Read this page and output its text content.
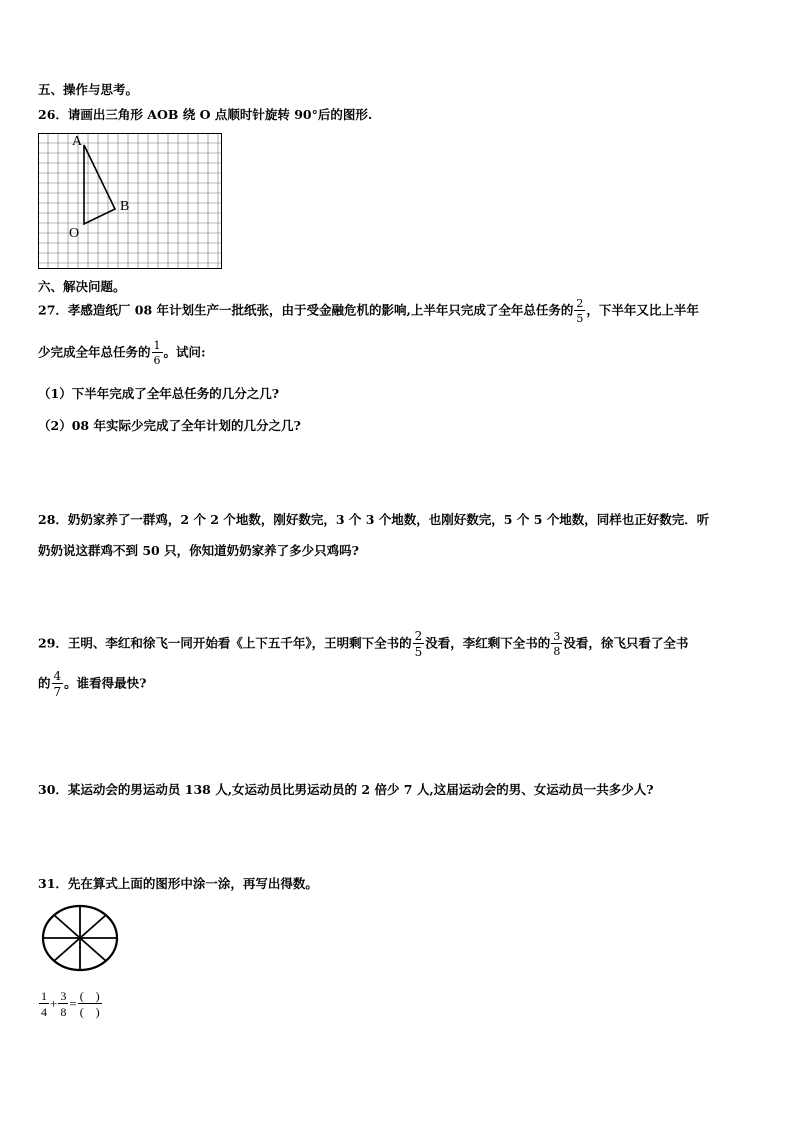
五、操作与思考。
26．请画出三角形 AOB 绕 O 点顺时针旋转 90°后的图形.
A
B
O
六、解决问题。
27．孝感造纸厂 08 年计划生产一批纸张，由于受金融危机的影响,上半年只完成了全年总任务的 $\frac{2}{5}$ ，下半年又比上半年
少完成全年总任务的 $\frac{1}{6}$ 。试问:
（1）下半年完成了全年总任务的几分之几?
（2）08 年实际少完成了全年计划的几分之几?
28．奶奶家养了一群鸡，2 个 2 个地数，刚好数完，3 个 3 个地数，也刚好数完，5 个 5 个地数，同样也正好数完．听
奶奶说这群鸡不到 50 只，你知道奶奶家养了多少只鸡吗?
29．王明、李红和徐飞一同开始看《上下五千年》，王明剩下全书的 $\frac{2}{5}$ 没看，李红剩下全书的 $\frac{3}{8}$ 没看，徐飞只看了全书
的 $\frac{4}{7}$ 。谁看得最快?
30．某运动会的男运动员 138 人,女运动员比男运动员的 2 倍少 7 人,这届运动会的男、女运动员一共多少人?
31．先在算式上面的图形中涂一涂，再写出得数。
$\frac{1}{4} + \frac{3}{8} = \frac{( )}{( )}$
